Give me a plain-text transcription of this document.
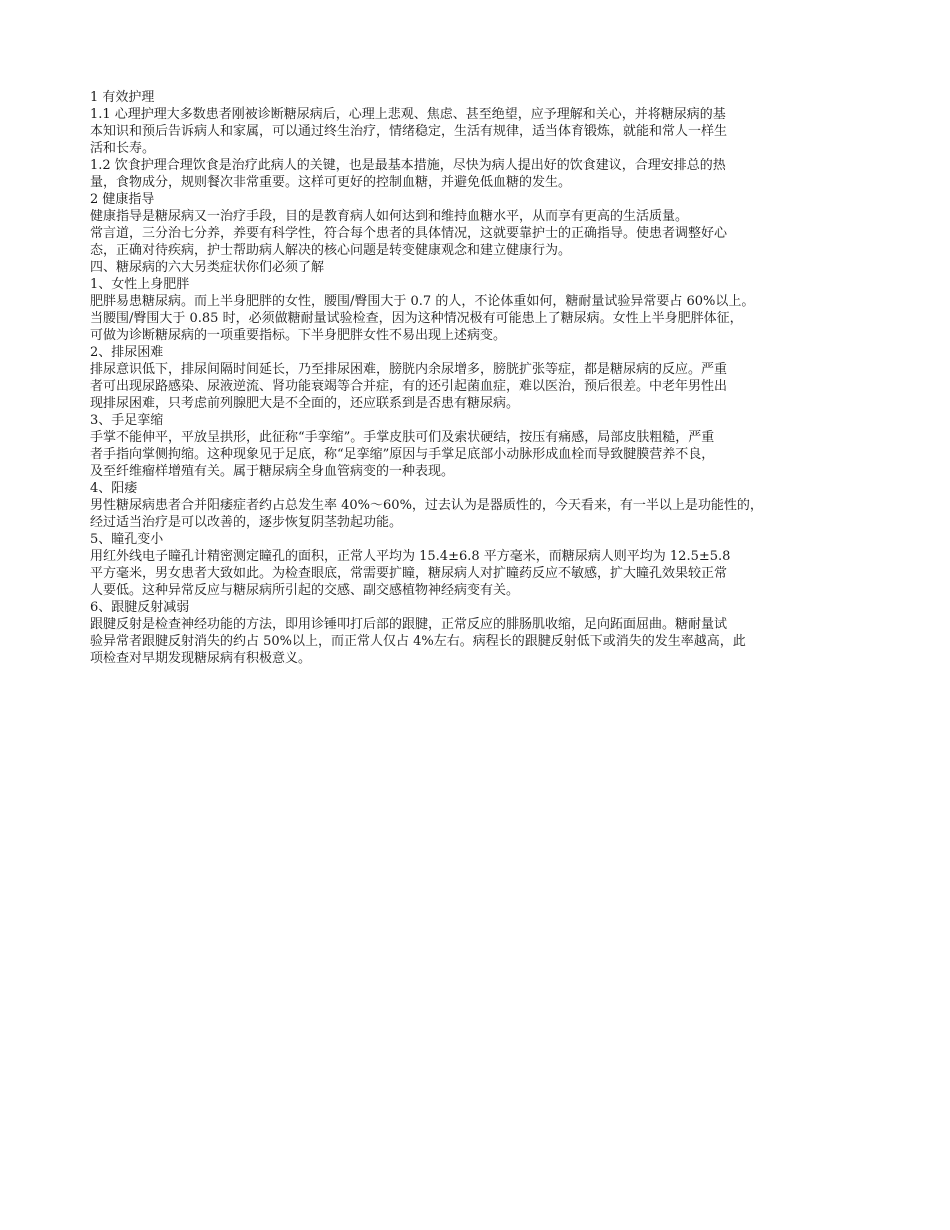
1 有效护理

1.1 心理护理大多数患者刚被诊断糖尿病后，心理上悲观、焦虑、甚至绝望，应予理解和关心，并将糖尿病的基

本知识和预后告诉病人和家属，可以通过终生治疗，情绪稳定，生活有规律，适当体育锻炼，就能和常人一样生

活和长寿。

1.2 饮食护理合理饮食是治疗此病人的关键，也是最基本措施，尽快为病人提出好的饮食建议，合理安排总的热

量，食物成分，规则餐次非常重要。这样可更好的控制血糖，并避免低血糖的发生。

2 健康指导

健康指导是糖尿病又一治疗手段，目的是教育病人如何达到和维持血糖水平，从而享有更高的生活质量。

常言道，三分治七分养，养要有科学性，符合每个患者的具体情况，这就要靠护士的正确指导。使患者调整好心

态，正确对待疾病，护士帮助病人解决的核心问题是转变健康观念和建立健康行为。

四、糖尿病的六大另类症状你们必须了解

1、女性上身肥胖

肥胖易患糖尿病。而上半身肥胖的女性，腰围/臀围大于 0.7 的人，不论体重如何，糖耐量试验异常要占 60%以上。

当腰围/臀围大于 0.85 时，必须做糖耐量试验检查，因为这种情况极有可能患上了糖尿病。女性上半身肥胖体征，

可做为诊断糖尿病的一项重要指标。下半身肥胖女性不易出现上述病变。

2、排尿困难

排尿意识低下，排尿间隔时间延长，乃至排尿困难，膀胱内余尿增多，膀胱扩张等症，都是糖尿病的反应。严重

者可出现尿路感染、尿液逆流、肾功能衰竭等合并症，有的还引起菌血症，难以医治，预后很差。中老年男性出

现排尿困难，只考虑前列腺肥大是不全面的，还应联系到是否患有糖尿病。

3、手足挛缩

手掌不能伸平，平放呈拱形，此征称“手挛缩”。手掌皮肤可们及索状硬结，按压有痛感，局部皮肤粗糙，严重

者手指向掌侧拘缩。这种现象见于足底，称“足挛缩”原因与手掌足底部小动脉形成血栓而导致腱膜营养不良，

及至纤维瘤样增殖有关。属于糖尿病全身血管病变的一种表现。

4、阳痿

男性糖尿病患者合并阳痿症者约占总发生率 40%～60%，过去认为是器质性的，今天看来，有一半以上是功能性的，

经过适当治疗是可以改善的，逐步恢复阴茎勃起功能。

5、瞳孔变小

用红外线电子瞳孔计精密测定瞳孔的面积，正常人平均为 15.4±6.8 平方毫米，而糖尿病人则平均为 12.5±5.8

平方毫米，男女患者大致如此。为检查眼底，常需要扩瞳，糖尿病人对扩瞳药反应不敏感，扩大瞳孔效果较正常

人要低。这种异常反应与糖尿病所引起的交感、副交感植物神经病变有关。

6、跟腱反射减弱

跟腱反射是检查神经功能的方法，即用诊锤叩打后部的跟腱，正常反应的腓肠肌收缩，足向跖面屈曲。糖耐量试

验异常者跟腱反射消失的约占 50%以上，而正常人仅占 4%左右。病程长的跟腱反射低下或消失的发生率越高，此

项检查对早期发现糖尿病有积极意义。
